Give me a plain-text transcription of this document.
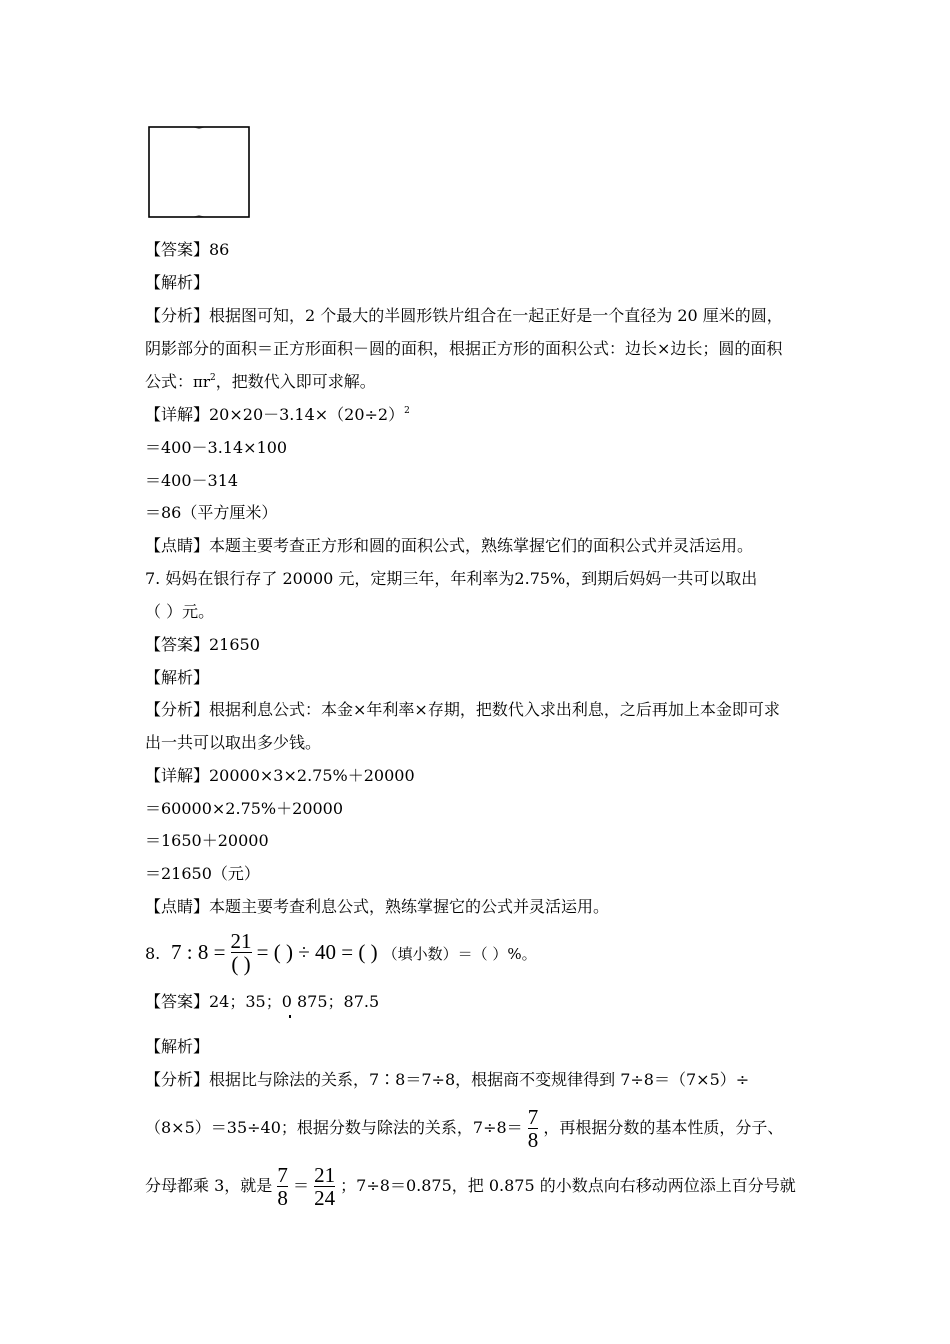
【答案】86
【解析】
【分析】根据图可知，2 个最大的半圆形铁片组合在一起正好是一个直径为 20 厘米的圆，
阴影部分的面积＝正方形面积－圆的面积，根据正方形的面积公式：边长×边长；圆的面积
公式：$\pi r^2$，把数代入即可求解。
【详解】$20\times 20-3.14\times(20\div 2)^2$
＝400－3.14×100
＝400－314
＝86（平方厘米）
【点睛】本题主要考查正方形和圆的面积公式，熟练掌握它们的面积公式并灵活运用。
7. 妈妈在银行存了 20000 元，定期三年，年利率为2.75%，到期后妈妈一共可以取出
（ ）元。
【答案】21650
【解析】
【分析】根据利息公式：本金×年利率×存期，把数代入求出利息，之后再加上本金即可求
出一共可以取出多少钱。
【详解】20000×3×2.75%＋20000
＝60000×2.75%＋20000
＝1650＋20000
＝21650（元）
【点睛】本题主要考查利息公式，熟练掌握它的公式并灵活运用。
8. 7 : $8 = \frac{21}{( )}$ = ( ) ÷ 40 = ( ) （填小数）＝（ ）%。
【答案】24；35；0 875；87.5
【解析】
【分析】根据比与除法的关系，7∶8＝7÷8，根据商不变规律得到 7÷8＝（7×5）÷
（8×5）＝35÷40；根据分数与除法的关系，$7\div 8= \frac{7}{8}$ ，再根据分数的基本性质，分子、
分母都乘 3，就是 $\frac{7}{8} = \frac{21}{24}$ ；7÷8＝0.875，把 0.875 的小数点向右移动两位添上百分号就
